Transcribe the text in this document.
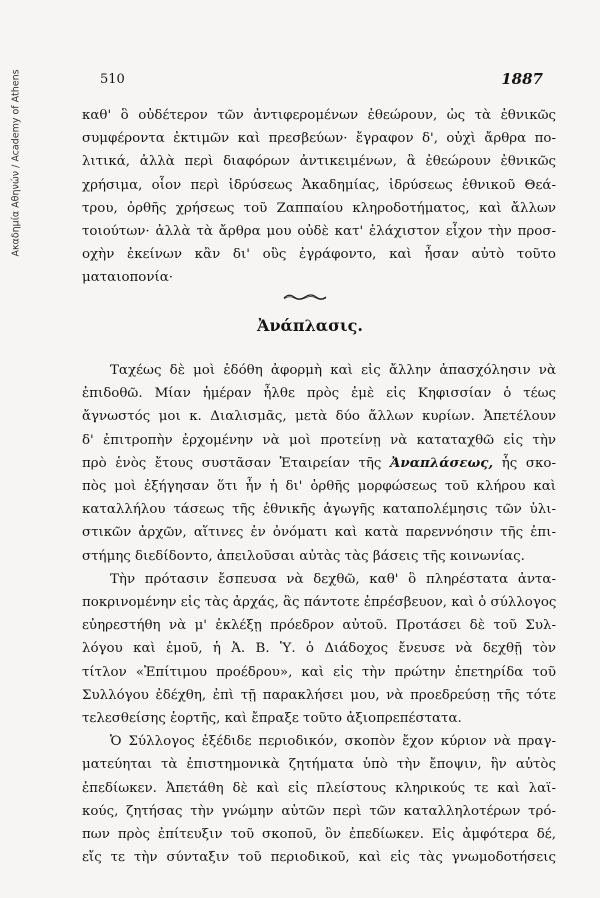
Ακαδημία Αθηνών / Academy of Athens	510	1887
καθ' ὃ οὐδέτερον τῶν ἀντιφερομένων ἐθεώρουν, ὡς τὰ ἐθνικῶς
συμφέροντα ἐκτιμῶν καὶ πρεσβεύων· ἔγραφον δ', οὐχὶ ἄρθρα πο-
λιτικά, ἀλλὰ περὶ διαφόρων ἀντικειμένων, ἃ ἐθεώρουν ἐθνικῶς
χρήσιμα, οἷον περὶ ἱδρύσεως Ἀκαδημίας, ἱδρύσεως ἐθνικοῦ Θεά-
τρου, ὀρθῆς χρήσεως τοῦ Ζαππαίου κληροδοτήματος, καὶ ἄλλων
τοιούτων· ἀλλὰ τὰ ἄρθρα μου οὐδὲ κατ' ἐλάχιστον εἶχον τὴν προσ-
οχὴν ἐκείνων κἂν δι' οὓς ἐγράφοντο, καὶ ἦσαν αὐτὸ τοῦτο
ματαιοπονία·
Ἀνάπλασις.
Ταχέως δὲ μοὶ ἐδόθη ἀφορμὴ καὶ εἰς ἄλλην ἀπασχόλησιν νὰ
ἐπιδοθῶ. Μίαν ἡμέραν ἦλθε πρὸς ἐμὲ εἰς Κηφισσίαν ὁ τέως
ἄγνωστός μοι κ. Διαλισμᾶς, μετὰ δύο ἄλλων κυρίων. Ἀπετέλουν
δ' ἐπιτροπὴν ἐρχομένην νὰ μοὶ προτείνῃ νὰ καταταχθῶ εἰς τὴν
πρὸ ἑνὸς ἔτους συστᾶσαν Ἑταιρείαν τῆς Ἀναπλάσεως, ἧς σκο-
πὸς μοὶ ἐξήγησαν ὅτι ἦν ἡ δι' ὀρθῆς μορφώσεως τοῦ κλήρου καὶ
καταλλήλου τάσεως τῆς ἐθνικῆς ἀγωγῆς καταπολέμησις τῶν ὑλι-
στικῶν ἀρχῶν, αἵτινες ἐν ὀνόματι καὶ κατὰ παρεννόησιν τῆς ἐπι-
στήμης διεδίδοντο, ἀπειλοῦσαι αὐτὰς τὰς βάσεις τῆς κοινωνίας.
Τὴν πρότασιν ἔσπευσα νὰ δεχθῶ, καθ' ὃ πληρέστατα ἀντα-
ποκρινομένην εἰς τὰς ἀρχάς, ἃς πάντοτε ἐπρέσβευον, καὶ ὁ σύλλογος
εὐηρεστήθη νὰ μ' ἐκλέξῃ πρόεδρον αὐτοῦ. Προτάσει δὲ τοῦ Συλ-
λόγου καὶ ἐμοῦ, ἡ Ἀ. Β. Ὑ. ὁ Διάδοχος ἔνευσε νὰ δεχθῇ τὸν
τίτλον «Ἐπίτιμου προέδρου», καὶ εἰς τὴν πρώτην ἐπετηρίδα τοῦ
Συλλόγου ἐδέχθη, ἐπὶ τῇ παρακλήσει μου, νὰ προεδρεύσῃ τῆς τότε
τελεσθείσης ἑορτῆς, καὶ ἔπραξε τοῦτο ἀξιοπρεπέστατα.
Ὁ Σύλλογος ἐξέδιδε περιοδικόν, σκοπὸν ἔχον κύριον νὰ πραγ-
ματεύηται τὰ ἐπιστημονικὰ ζητήματα ὑπὸ τὴν ἔποψιν, ἣν αὐτὸς
ἐπεδίωκεν. Ἀπετάθη δὲ καὶ εἰς πλείστους κληρικούς τε καὶ λαϊ-
κούς, ζητήσας τὴν γνώμην αὐτῶν περὶ τῶν καταλληλοτέρων τρό-
πων πρὸς ἐπίτευξιν τοῦ σκοποῦ, ὃν ἐπεδίωκεν. Εἰς ἀμφότερα δέ,
εἴς τε τὴν σύνταξιν τοῦ περιοδικοῦ, καὶ εἰς τὰς γνωμοδοτήσεις
